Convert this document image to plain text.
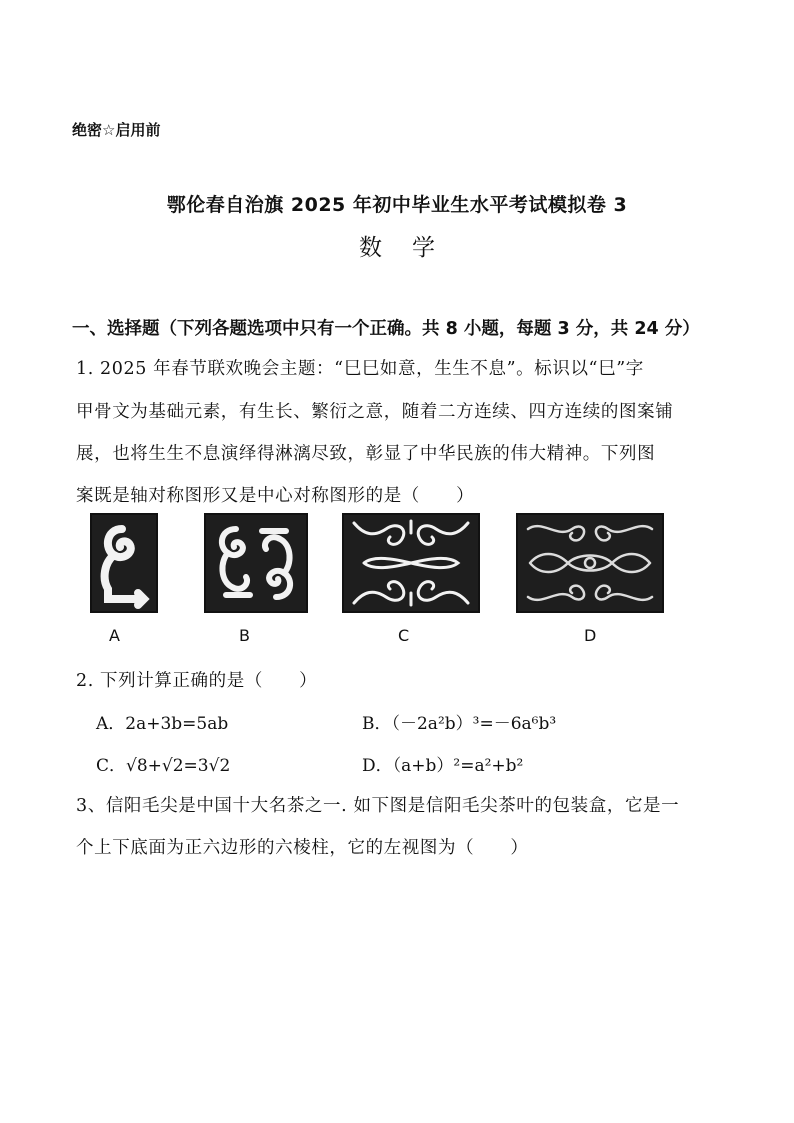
绝密☆启用前
鄂伦春自治旗 2025 年初中毕业生水平考试模拟卷 3
数学
一、选择题（下列各题选项中只有一个正确。共 8 小题，每题 3 分，共 24 分）
1. 2025 年春节联欢晚会主题：“巳巳如意，生生不息”。标识以“巳”字
甲骨文为基础元素，有生长、繁衍之意，随着二方连续、四方连续的图案铺
展，也将生生不息演绎得淋漓尽致，彰显了中华民族的伟大精神。下列图
案既是轴对称图形又是中心对称图形的是（　　）
A	B	C	D
2. 下列计算正确的是（　　）
A．2a+3b=5ab	B．（－2a²b）³=－6a⁶b³
C．√8+√2=3√2	D．（a+b）²=a²+b²
3、信阳毛尖是中国十大名茶之一. 如下图是信阳毛尖茶叶的包装盒，它是一
个上下底面为正六边形的六棱柱，它的左视图为（　　）
